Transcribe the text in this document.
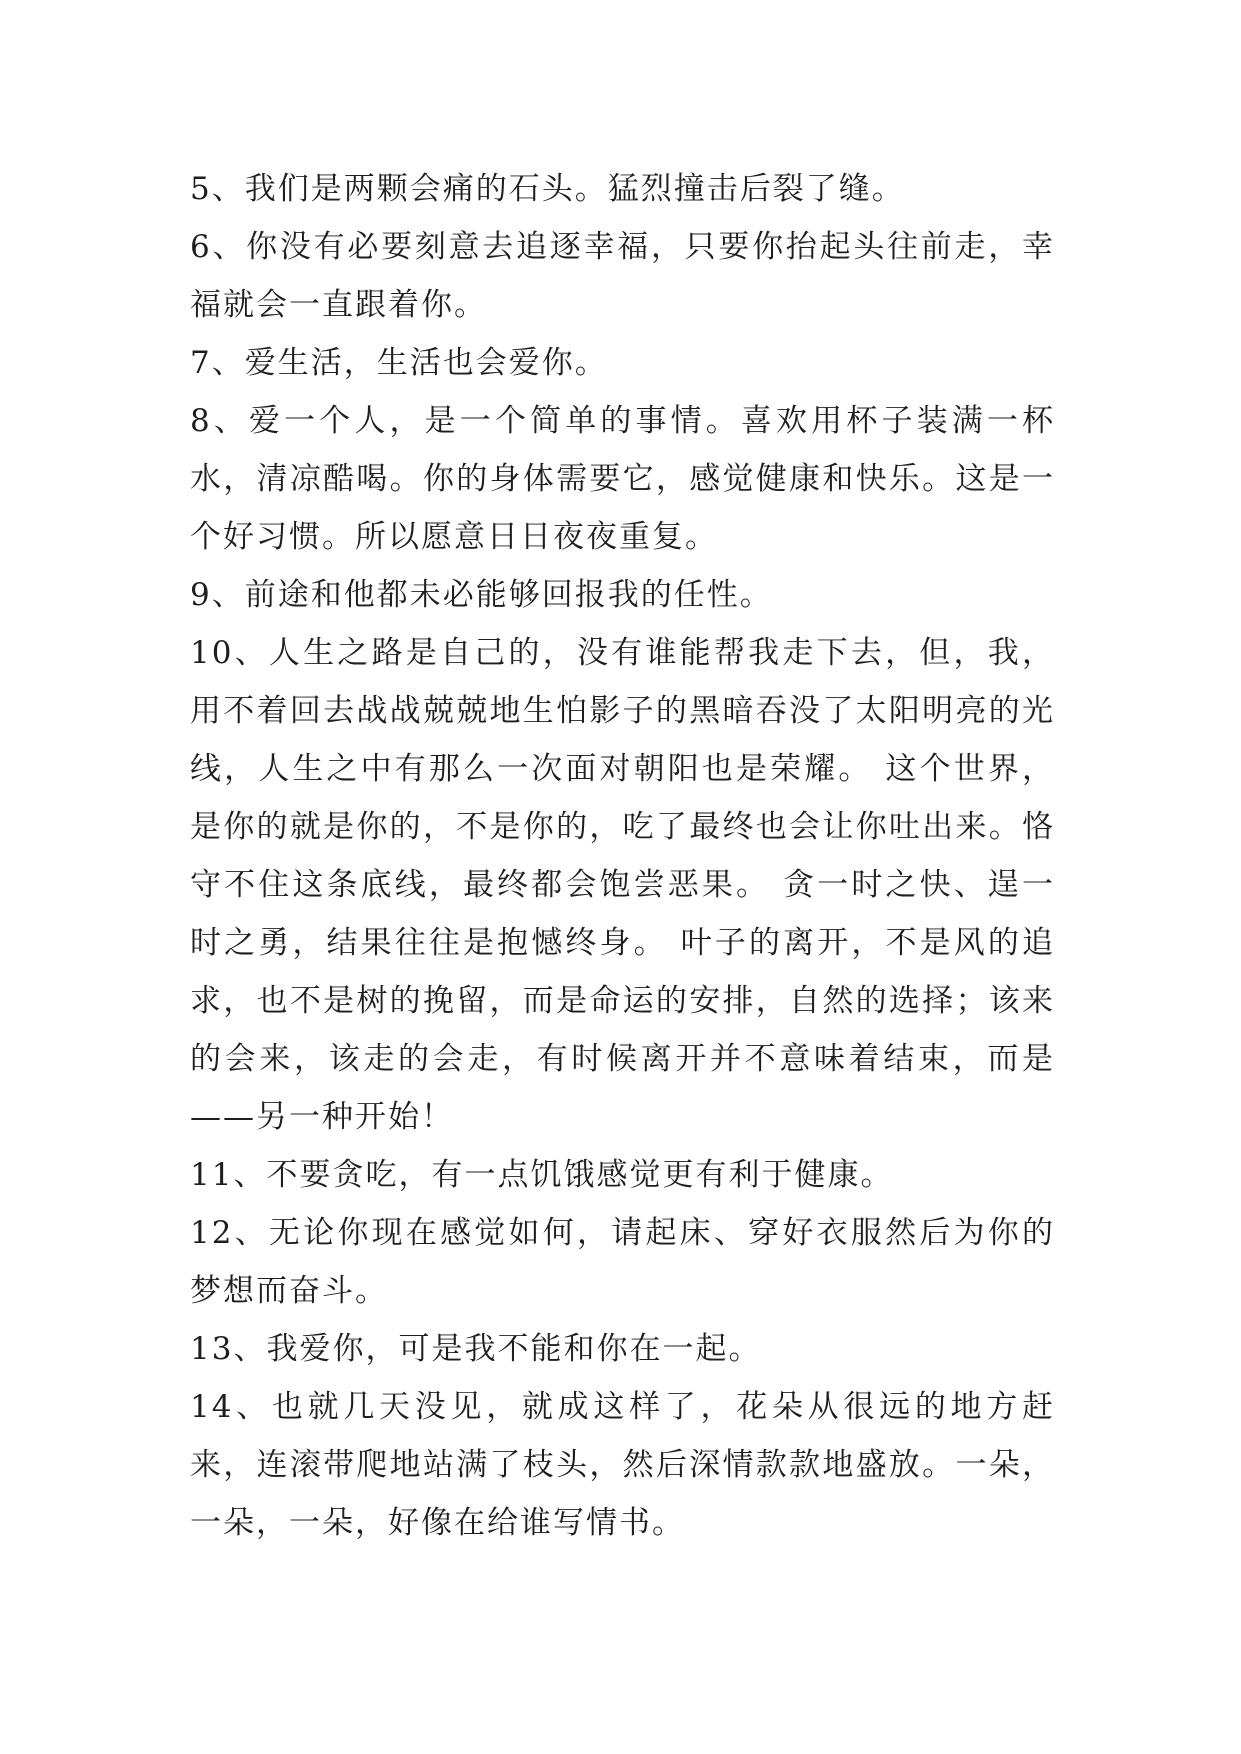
5、我们是两颗会痛的石头。猛烈撞击后裂了缝。

6、你没有必要刻意去追逐幸福，只要你抬起头往前走，幸福就会一直跟着你。

7、爱生活，生活也会爱你。

8、爱一个人，是一个简单的事情。喜欢用杯子装满一杯水，清凉酷喝。你的身体需要它，感觉健康和快乐。这是一个好习惯。所以愿意日日夜夜重复。

9、前途和他都未必能够回报我的任性。

10、人生之路是自己的，没有谁能帮我走下去，但，我，用不着回去战战兢兢地生怕影子的黑暗吞没了太阳明亮的光线，人生之中有那么一次面对朝阳也是荣耀。 这个世界，是你的就是你的，不是你的，吃了最终也会让你吐出来。恪守不住这条底线，最终都会饱尝恶果。 贪一时之快、逞一时之勇，结果往往是抱憾终身。 叶子的离开，不是风的追求，也不是树的挽留，而是命运的安排，自然的选择；该来的会来，该走的会走，有时候离开并不意味着结束，而是——另一种开始！

11、不要贪吃，有一点饥饿感觉更有利于健康。

12、无论你现在感觉如何，请起床、穿好衣服然后为你的梦想而奋斗。

13、我爱你，可是我不能和你在一起。

14、也就几天没见，就成这样了，花朵从很远的地方赶来，连滚带爬地站满了枝头，然后深情款款地盛放。一朵，一朵，一朵，好像在给谁写情书。
